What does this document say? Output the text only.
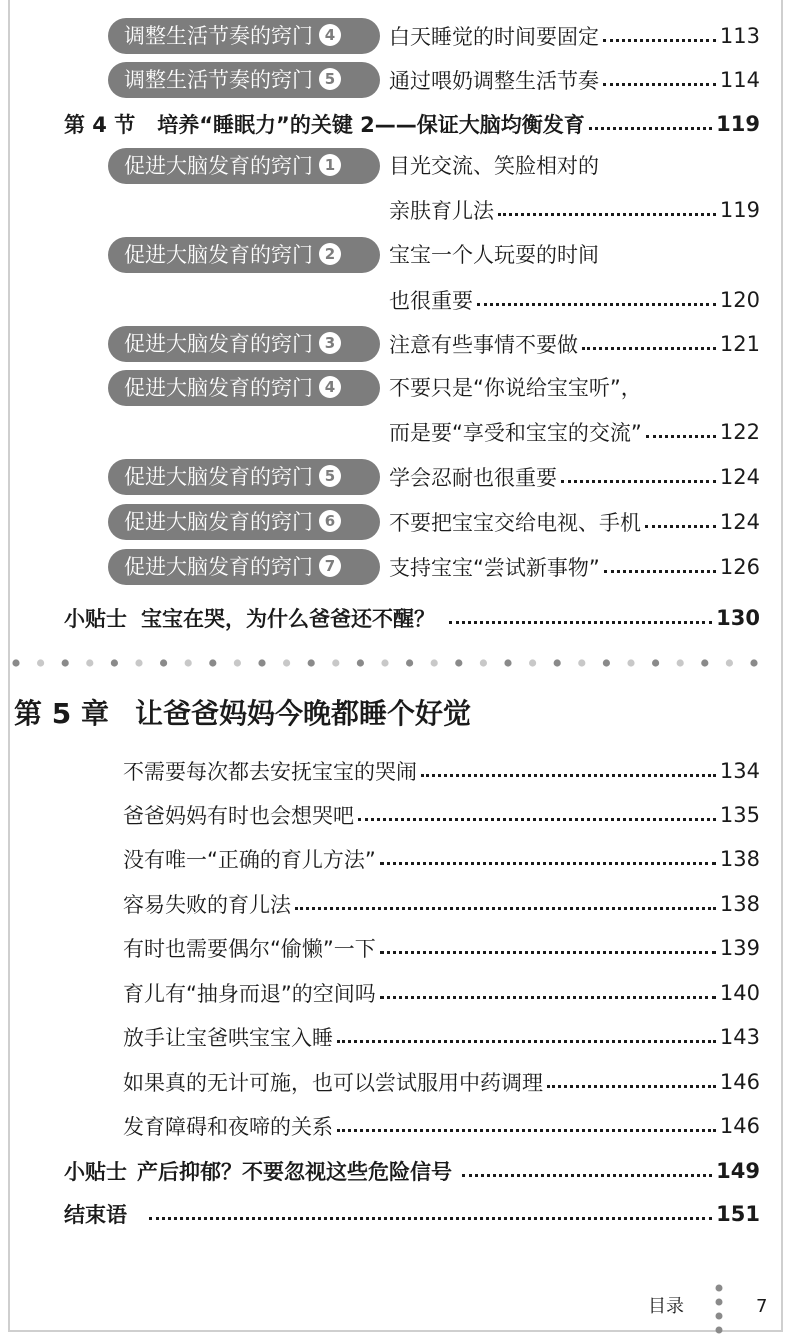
调整生活节奏的窍门 4	白天睡觉的时间要固定	113
调整生活节奏的窍门 5	通过喂奶调整生活节奏	114
第 4 节 培养“睡眠力”的关键 2——保证大脑均衡发育	119
促进大脑发育的窍门 1	目光交流、笑脸相对的
亲肤育儿法	119
促进大脑发育的窍门 2	宝宝一个人玩耍的时间
也很重要	120
促进大脑发育的窍门 3	注意有些事情不要做	121
促进大脑发育的窍门 4	不要只是“你说给宝宝听”，
而是要“享受和宝宝的交流”	122
促进大脑发育的窍门 5	学会忍耐也很重要	124
促进大脑发育的窍门 6	不要把宝宝交给电视、手机	124
促进大脑发育的窍门 7	支持宝宝“尝试新事物”	126
小贴士 宝宝在哭，为什么爸爸还不醒？	130
第 5 章 让爸爸妈妈今晚都睡个好觉
不需要每次都去安抚宝宝的哭闹	134
爸爸妈妈有时也会想哭吧	135
没有唯一“正确的育儿方法”	138
容易失败的育儿法	138
有时也需要偶尔“偷懒”一下	139
育儿有“抽身而退”的空间吗	140
放手让宝爸哄宝宝入睡	143
如果真的无计可施，也可以尝试服用中药调理	146
发育障碍和夜啼的关系	146
小贴士 产后抑郁？不要忽视这些危险信号	149
结束语	151
目录	7
